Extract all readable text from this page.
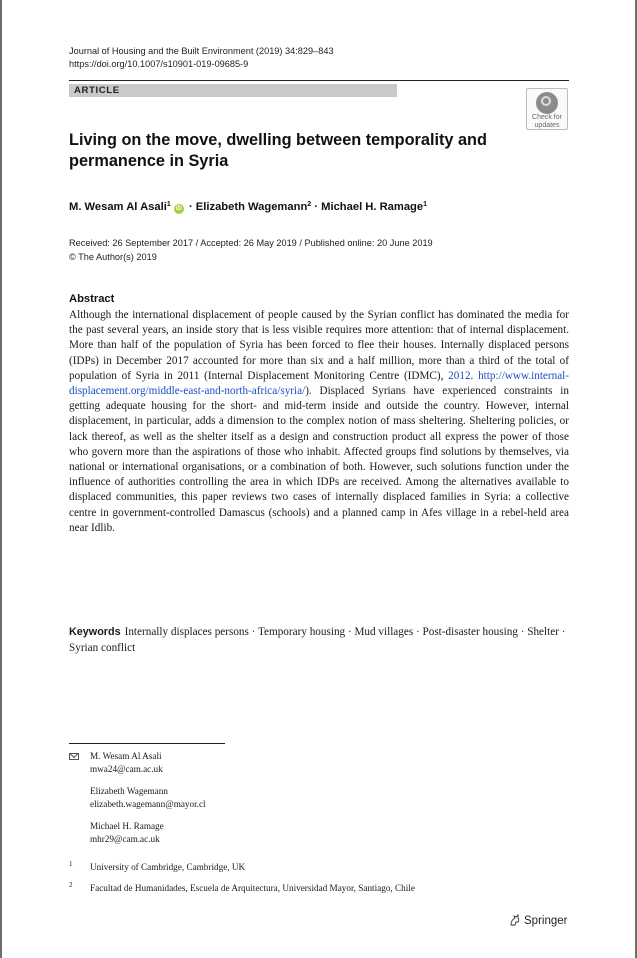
Journal of Housing and the Built Environment (2019) 34:829–843
https://doi.org/10.1007/s10901-019-09685-9
ARTICLE
Check for
updates
Living on the move, dwelling between temporality and permanence in Syria
M. Wesam Al Asali$^1$ iD · Elizabeth Wagemann$^2$ · Michael H. Ramage$^1$
Received: 26 September 2017 / Accepted: 26 May 2019 / Published online: 20 June 2019
© The Author(s) 2019
Abstract
Although the international displacement of people caused by the Syrian conflict has dominated the media for the past several years, an inside story that is less visible requires more attention: that of internal displacement. More than half of the population of Syria has been forced to flee their houses. Internally displaced persons (IDPs) in December 2017 accounted for more than six and a half million, more than a third of the total of population of Syria in 2011 (Internal Displacement Monitoring Centre (IDMC), 2012. http://www.internal-displacement.org/middle-east-and-north-africa/syria/). Displaced Syrians have experienced constraints in getting adequate housing for the short- and mid-term inside and outside the country. However, internal displacement, in particular, adds a dimension to the complex notion of mass sheltering. Sheltering policies, or lack thereof, as well as the shelter itself as a design and construction product all express the power of those who govern more than the aspirations of those who inhabit. Affected groups find solutions by themselves, via national or international organisations, or a combination of both. However, such solutions function under the influence of authorities controlling the area in which IDPs are received. Among the alternatives available to displaced communities, this paper reviews two cases of internally displaced families in Syria: a collective centre in government-controlled Damascus (schools) and a planned camp in Afes village in a rebel-held area near Idlib.
Keywords Internally displaces persons · Temporary housing · Mud villages · Post-disaster housing · Shelter · Syrian conflict
M. Wesam Al Asali
mwa24@cam.ac.uk
Elizabeth Wagemann
elizabeth.wagemann@mayor.cl
Michael H. Ramage
mhr29@cam.ac.uk
1 University of Cambridge, Cambridge, UK
2 Facultad de Humanidades, Escuela de Arquitectura, Universidad Mayor, Santiago, Chile
Springer
